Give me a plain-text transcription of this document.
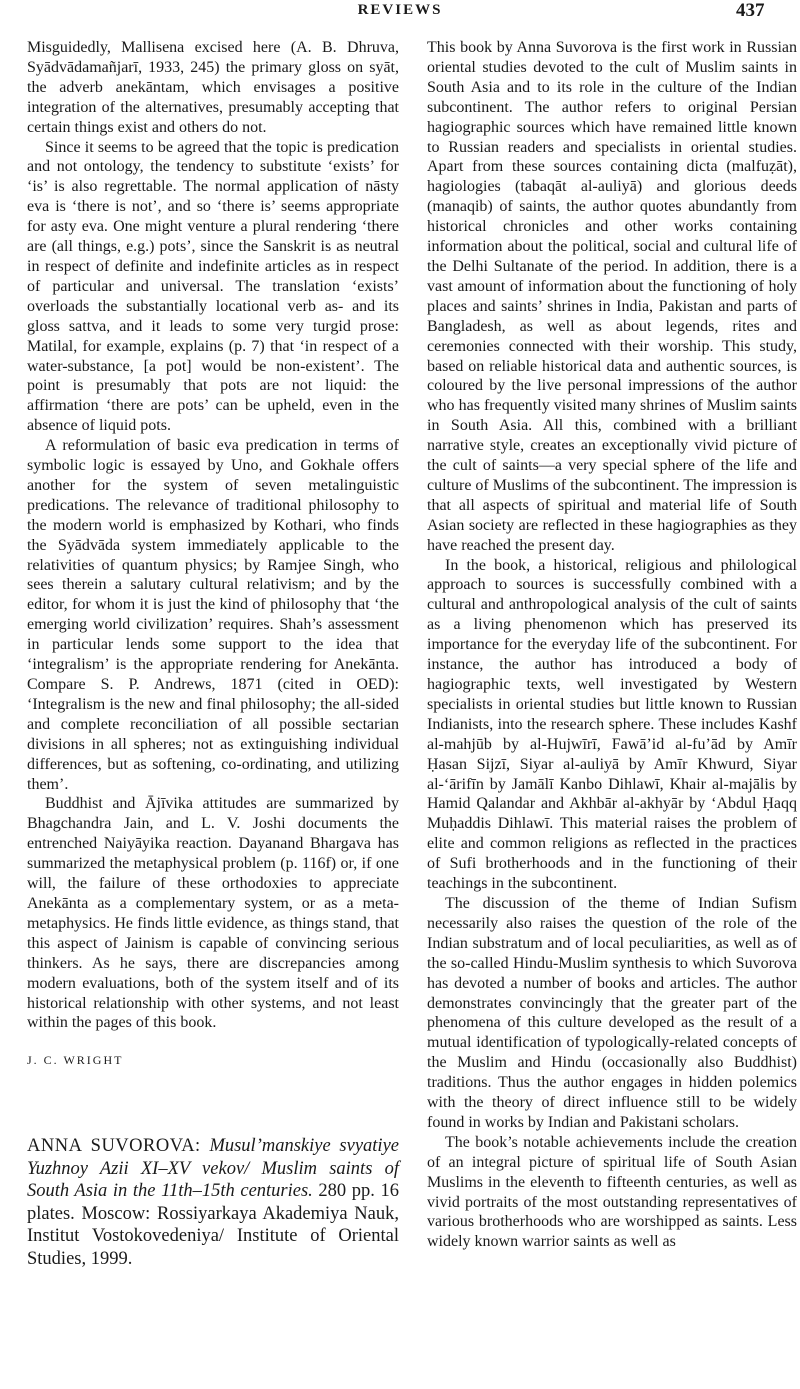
REVIEWS	437

Misguidedly, Mallisena excised here (A. B. Dhruva, Syādvādamañjarī, 1933, 245) the primary gloss on syāt, the adverb anekāntam, which envisages a positive integration of the alternatives, presumably accepting that certain things exist and others do not.

Since it seems to be agreed that the topic is predication and not ontology, the tendency to substitute ‘exists’ for ‘is’ is also regrettable. The normal application of nāsty eva is ‘there is not’, and so ‘there is’ seems appropriate for asty eva. One might venture a plural rendering ‘there are (all things, e.g.) pots’, since the Sanskrit is as neutral in respect of definite and indefinite articles as in respect of particular and universal. The translation ‘exists’ overloads the substantially locational verb as- and its gloss sattva, and it leads to some very turgid prose: Matilal, for example, explains (p. 7) that ‘in respect of a water-substance, [a pot] would be non-existent’. The point is presumably that pots are not liquid: the affirmation ‘there are pots’ can be upheld, even in the absence of liquid pots.

A reformulation of basic eva predication in terms of symbolic logic is essayed by Uno, and Gokhale offers another for the system of seven metalinguistic predications. The relevance of traditional philosophy to the modern world is emphasized by Kothari, who finds the Syādvāda system immediately applicable to the relativities of quantum physics; by Ramjee Singh, who sees therein a salutary cultural relativism; and by the editor, for whom it is just the kind of philosophy that ‘the emerging world civilization’ requires. Shah’s assessment in particular lends some support to the idea that ‘integralism’ is the appropriate rendering for Anekānta. Compare S. P. Andrews, 1871 (cited in OED): ‘Integralism is the new and final philosophy; the all-sided and complete reconciliation of all possible sectarian divisions in all spheres; not as extinguishing individual differences, but as softening, co-ordinating, and utilizing them’.

Buddhist and Ājīvika attitudes are summarized by Bhagchandra Jain, and L. V. Joshi documents the entrenched Naiyāyika reaction. Dayanand Bhargava has summarized the metaphysical problem (p. 116f) or, if one will, the failure of these orthodoxies to appreciate Anekānta as a complementary system, or as a meta-metaphysics. He finds little evidence, as things stand, that this aspect of Jainism is capable of convincing serious thinkers. As he says, there are discrepancies among modern evaluations, both of the system itself and of its historical relationship with other systems, and not least within the pages of this book.

J. C. WRIGHT

ANNA SUVOROVA: Musul’manskiye svyatiye Yuzhnoy Azii XI–XV vekov/ Muslim saints of South Asia in the 11th–15th centuries. 280 pp. 16 plates. Moscow: Rossiyarkaya Akademiya Nauk, Institut Vostokovedeniya/ Institute of Oriental Studies, 1999.

This book by Anna Suvorova is the first work in Russian oriental studies devoted to the cult of Muslim saints in South Asia and to its role in the culture of the Indian subcontinent. The author refers to original Persian hagiographic sources which have remained little known to Russian readers and specialists in oriental studies. Apart from these sources containing dicta (malfuẓāt), hagiologies (tabaqāt al-auliyā) and glorious deeds (manaqib) of saints, the author quotes abundantly from historical chronicles and other works containing information about the political, social and cultural life of the Delhi Sultanate of the period. In addition, there is a vast amount of information about the functioning of holy places and saints’ shrines in India, Pakistan and parts of Bangladesh, as well as about legends, rites and ceremonies connected with their worship. This study, based on reliable historical data and authentic sources, is coloured by the live personal impressions of the author who has frequently visited many shrines of Muslim saints in South Asia. All this, combined with a brilliant narrative style, creates an exceptionally vivid picture of the cult of saints—a very special sphere of the life and culture of Muslims of the subcontinent. The impression is that all aspects of spiritual and material life of South Asian society are reflected in these hagiographies as they have reached the present day.

In the book, a historical, religious and philological approach to sources is successfully combined with a cultural and anthropological analysis of the cult of saints as a living phenomenon which has preserved its importance for the everyday life of the subcontinent. For instance, the author has introduced a body of hagiographic texts, well investigated by Western specialists in oriental studies but little known to Russian Indianists, into the research sphere. These includes Kashf al-mahjūb by al-Hujwīrī, Fawā’id al-fu’ād by Amīr Ḥasan Sijzī, Siyar al-auliyā by Amīr Khwurd, Siyar al-‘ārifīn by Jamālī Kanbo Dihlawī, Khair al-majālis by Hamid Qalandar and Akhbār al-akhyār by ‘Abdul Ḥaqq Muḥaddis Dihlawī. This material raises the problem of elite and common religions as reflected in the practices of Sufi brotherhoods and in the functioning of their teachings in the subcontinent.

The discussion of the theme of Indian Sufism necessarily also raises the question of the role of the Indian substratum and of local peculiarities, as well as of the so-called Hindu-Muslim synthesis to which Suvorova has devoted a number of books and articles. The author demonstrates convincingly that the greater part of the phenomena of this culture developed as the result of a mutual identification of typologically-related concepts of the Muslim and Hindu (occasionally also Buddhist) traditions. Thus the author engages in hidden polemics with the theory of direct influence still to be widely found in works by Indian and Pakistani scholars.

The book’s notable achievements include the creation of an integral picture of spiritual life of South Asian Muslims in the eleventh to fifteenth centuries, as well as vivid portraits of the most outstanding representatives of various brotherhoods who are worshipped as saints. Less widely known warrior saints as well as
